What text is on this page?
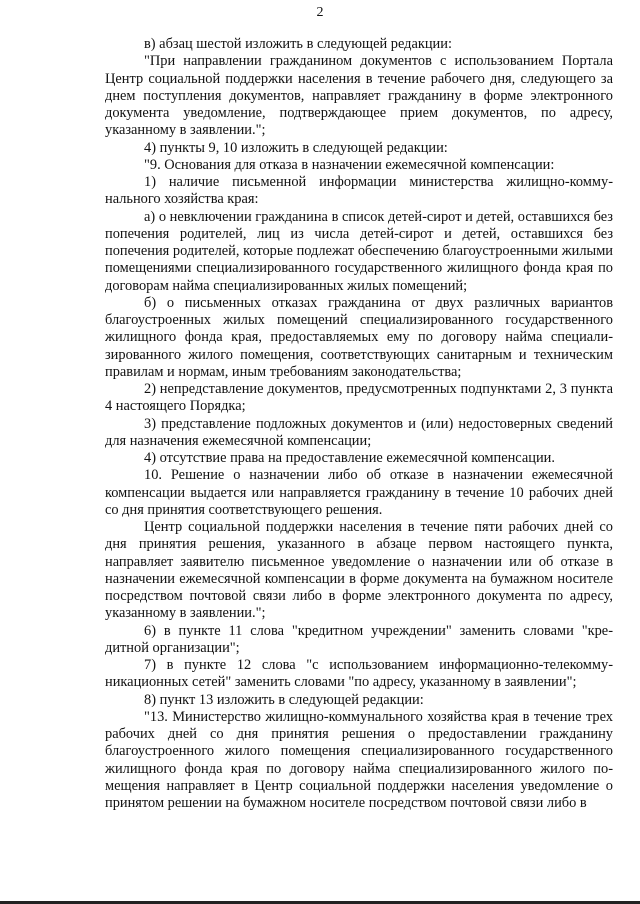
2

в) абзац шестой изложить в следующей редакции:

"При направлении гражданином документов с использованием Портала Центр социальной поддержки населения в течение рабочего дня, следующего за днем поступления документов, направляет гражданину в форме электронного документа уведомление, подтверждающее прием документов, по адресу, указанному в заявлении.";

4) пункты 9, 10 изложить в следующей редакции:

"9. Основания для отказа в назначении ежемесячной компенсации:

1) наличие письменной информации министерства жилищно-коммунального хозяйства края:

а) о невключении гражданина в список детей-сирот и детей, оставшихся без попечения родителей, лиц из числа детей-сирот и детей, оставшихся без попечения родителей, которые подлежат обеспечению благоустроенными жилыми помещениями специализированного государственного жилищного фонда края по договорам найма специализированных жилых помещений;

б) о письменных отказах гражданина от двух различных вариантов благоустроенных жилых помещений специализированного государственного жилищного фонда края, предоставляемых ему по договору найма специализированного жилого помещения, соответствующих санитарным и техническим правилам и нормам, иным требованиям законодательства;

2) непредставление документов, предусмотренных подпунктами 2, 3 пункта 4 настоящего Порядка;

3) представление подложных документов и (или) недостоверных сведений для назначения ежемесячной компенсации;

4) отсутствие права на предоставление ежемесячной компенсации.

10. Решение о назначении либо об отказе в назначении ежемесячной компенсации выдается или направляется гражданину в течение 10 рабочих дней со дня принятия соответствующего решения.

Центр социальной поддержки населения в течение пяти рабочих дней со дня принятия решения, указанного в абзаце первом настоящего пункта, направляет заявителю письменное уведомление о назначении или об отказе в назначении ежемесячной компенсации в форме документа на бумажном носителе посредством почтовой связи либо в форме электронного документа по адресу, указанному в заявлении.";

6) в пункте 11 слова "кредитном учреждении" заменить словами "кредитной организации";

7) в пункте 12 слова "с использованием информационно-телекоммуникационных сетей" заменить словами "по адресу, указанному в заявлении";

8) пункт 13 изложить в следующей редакции:

"13. Министерство жилищно-коммунального хозяйства края в течение трех рабочих дней со дня принятия решения о предоставлении гражданину благоустроенного жилого помещения специализированного государственного жилищного фонда края по договору найма специализированного жилого помещения направляет в Центр социальной поддержки населения уведомление о принятом решении на бумажном носителе посредством почтовой связи либо в
